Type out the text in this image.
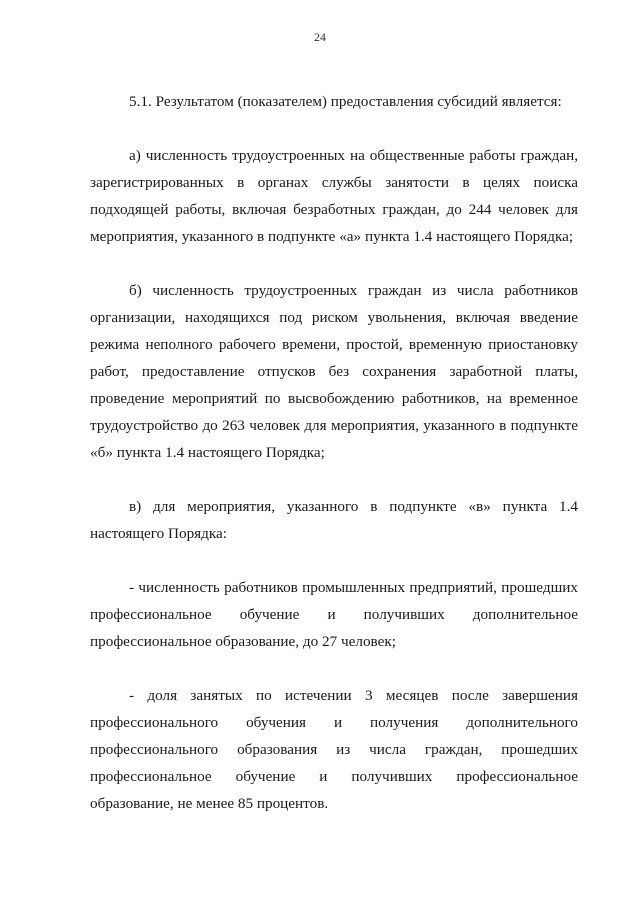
24

5.1. Результатом (показателем) предоставления субсидий является:

а) численность трудоустроенных на общественные работы граждан, зарегистрированных в органах службы занятости в целях поиска подходящей работы, включая безработных граждан, до 244 человек для мероприятия, указанного в подпункте «а» пункта 1.4 настоящего Порядка;

б) численность трудоустроенных граждан из числа работников организации, находящихся под риском увольнения, включая введение режима неполного рабочего времени, простой, временную приостановку работ, предоставление отпусков без сохранения заработной платы, проведение мероприятий по высвобождению работников, на временное трудоустройство до 263 человек для мероприятия, указанного в подпункте «б» пункта 1.4 настоящего Порядка;

в) для мероприятия, указанного в подпункте «в» пункта 1.4 настоящего Порядка:

- численность работников промышленных предприятий, прошедших профессиональное обучение и получивших дополнительное профессиональное образование, до 27 человек;

- доля занятых по истечении 3 месяцев после завершения профессионального обучения и получения дополнительного профессионального образования из числа граждан, прошедших профессиональное обучение и получивших профессиональное образование, не менее 85 процентов.
